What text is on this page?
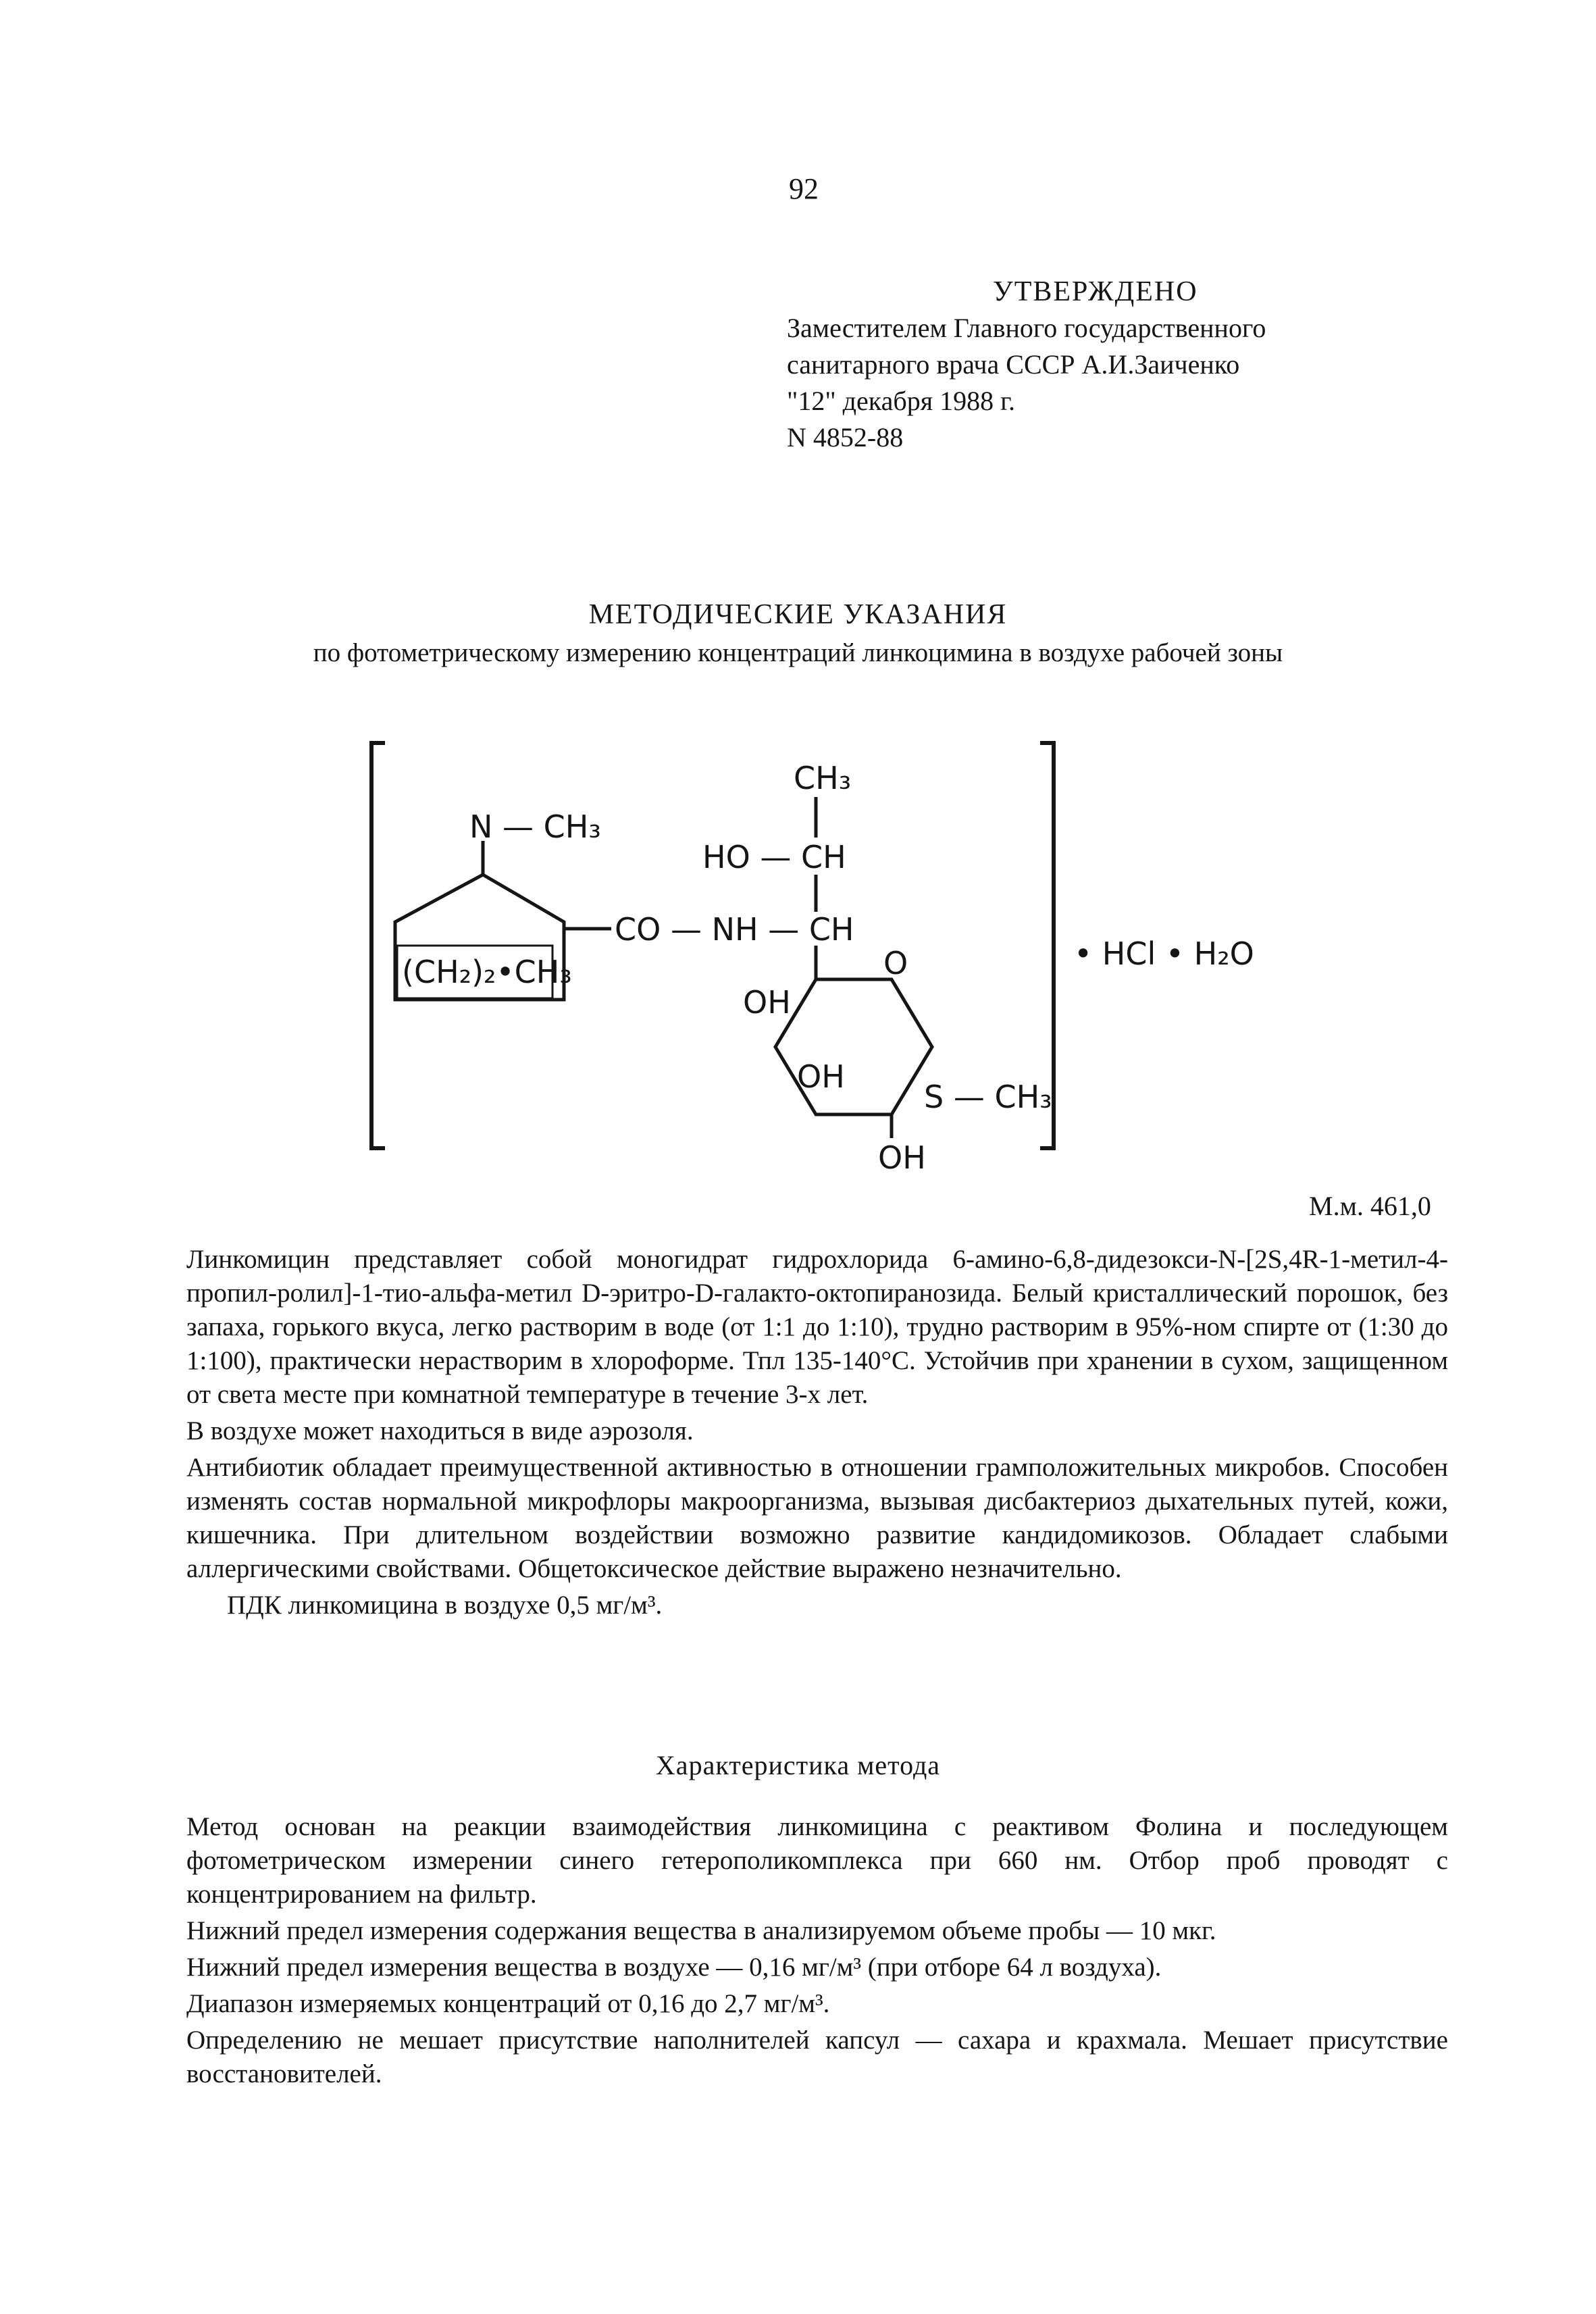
92
УТВЕРЖДЕНО
Заместителем Главного государственного
санитарного врача СССР А.И.Заиченко
"12" декабря 1988 г.
N 4852-88
МЕТОДИЧЕСКИЕ УКАЗАНИЯ
по фотометрическому измерению концентраций линкоцимина в воздухе рабочей зоны
N — CH₃
(CH₂)₂•CH₃
CO — NH — CH
HO — CH
CH₃
O
OH
OH
S — CH₃
OH
• HCl • H₂O
М.м. 461,0

Линкомицин представляет собой моногидрат гидрохлорида 6-амино-6,8-дидезокси-N-[2S,4R-1-метил-4-пропил-ролил]-1-тио-альфа-метил D-эритро-D-галакто-октопиранозида. Белый кристаллический порошок, без запаха, горького вкуса, легко растворим в воде (от 1:1 до 1:10), трудно растворим в 95%-ном спирте от (1:30 до 1:100), практически нерастворим в хлороформе. Тпл 135-140°С. Устойчив при хранении в сухом, защищенном от света месте при комнатной температуре в течение 3-х лет.

В воздухе может находиться в виде аэрозоля.

Антибиотик обладает преимущественной активностью в отношении грамположительных микробов. Способен изменять состав нормальной микрофлоры макроорганизма, вызывая дисбактериоз дыхательных путей, кожи, кишечника. При длительном воздействии возможно развитие кандидомикозов. Обладает слабыми аллергическими свойствами. Общетоксическое действие выражено незначительно.

ПДК линкомицина в воздухе 0,5 мг/м³.

Характеристика метода

Метод основан на реакции взаимодействия линкомицина с реактивом Фолина и последующем фотометрическом измерении синего гетерополикомплекса при 660 нм. Отбор проб проводят с концентрированием на фильтр.

Нижний предел измерения содержания вещества в анализируемом объеме пробы — 10 мкг.

Нижний предел измерения вещества в воздухе — 0,16 мг/м³ (при отборе 64 л воздуха).

Диапазон измеряемых концентраций от 0,16 до 2,7 мг/м³.

Определению не мешает присутствие наполнителей капсул — сахара и крахмала. Мешает присутствие восстановителей.
